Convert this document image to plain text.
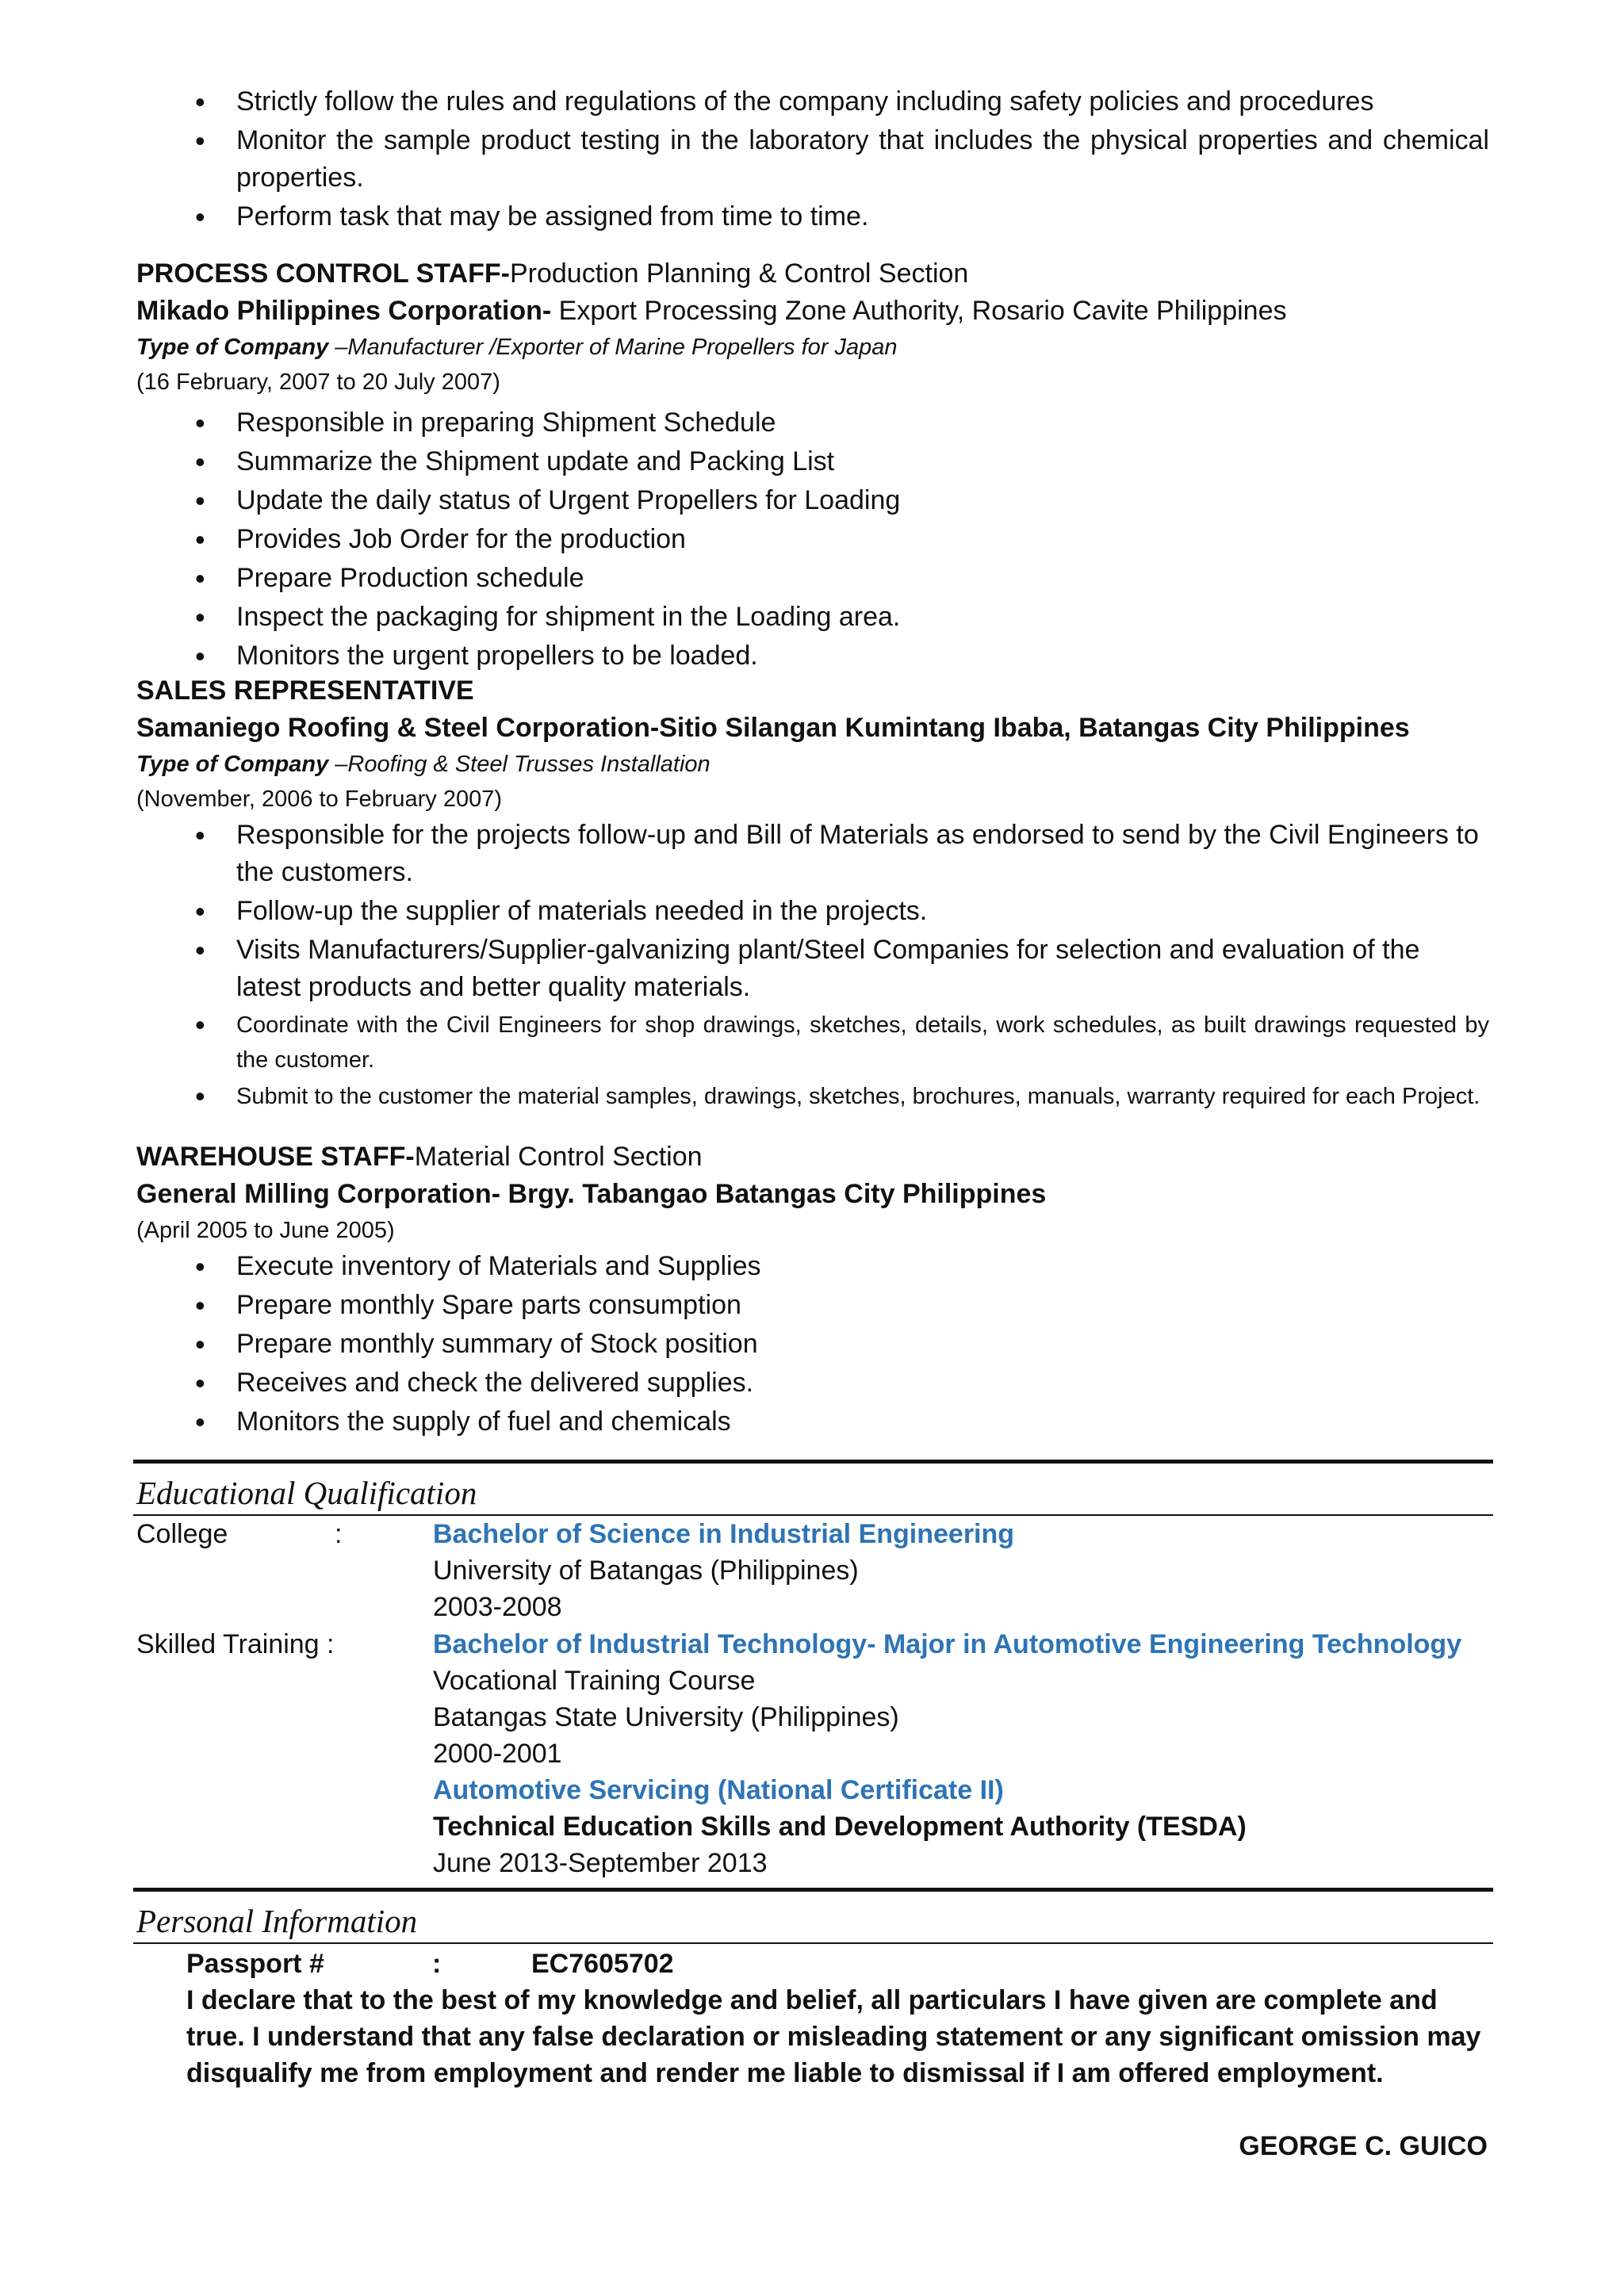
• Strictly follow the rules and regulations of the company including safety policies and procedures
• Monitor the sample product testing in the laboratory that includes the physical properties and chemical properties.
• Perform task that may be assigned from time to time.
PROCESS CONTROL STAFF-Production Planning & Control Section
Mikado Philippines Corporation- Export Processing Zone Authority, Rosario Cavite Philippines
Type of Company –Manufacturer /Exporter of Marine Propellers for Japan
(16 February, 2007 to 20 July 2007)
• Responsible in preparing Shipment Schedule
• Summarize the Shipment update and Packing List
• Update the daily status of Urgent Propellers for Loading
• Provides Job Order for the production
• Prepare Production schedule
• Inspect the packaging for shipment in the Loading area.
• Monitors the urgent propellers to be loaded.
SALES REPRESENTATIVE
Samaniego Roofing & Steel Corporation-Sitio Silangan Kumintang Ibaba, Batangas City Philippines
Type of Company –Roofing & Steel Trusses Installation
(November, 2006 to February 2007)
• Responsible for the projects follow-up and Bill of Materials as endorsed to send by the Civil Engineers to the customers.
• Follow-up the supplier of materials needed in the projects.
• Visits Manufacturers/Supplier-galvanizing plant/Steel Companies for selection and evaluation of the latest products and better quality materials.
• Coordinate with the Civil Engineers for shop drawings, sketches, details, work schedules, as built drawings requested by the customer.
• Submit to the customer the material samples, drawings, sketches, brochures, manuals, warranty required for each Project.
WAREHOUSE STAFF-Material Control Section
General Milling Corporation- Brgy. Tabangao Batangas City Philippines
(April 2005 to June 2005)
• Execute inventory of Materials and Supplies
• Prepare monthly Spare parts consumption
• Prepare monthly summary of Stock position
• Receives and check the delivered supplies.
• Monitors the supply of fuel and chemicals
Educational Qualification
College	:	Bachelor of Science in Industrial Engineering
University of Batangas (Philippines)
2003-2008
Skilled Training :	Bachelor of Industrial Technology- Major in Automotive Engineering Technology
Vocational Training Course
Batangas State University (Philippines)
2000-2001
Automotive Servicing (National Certificate II)
Technical Education Skills and Development Authority (TESDA)
June 2013-September 2013
Personal Information
Passport #	:	EC7605702
I declare that to the best of my knowledge and belief, all particulars I have given are complete and true. I understand that any false declaration or misleading statement or any significant omission may disqualify me from employment and render me liable to dismissal if I am offered employment.
GEORGE C. GUICO
